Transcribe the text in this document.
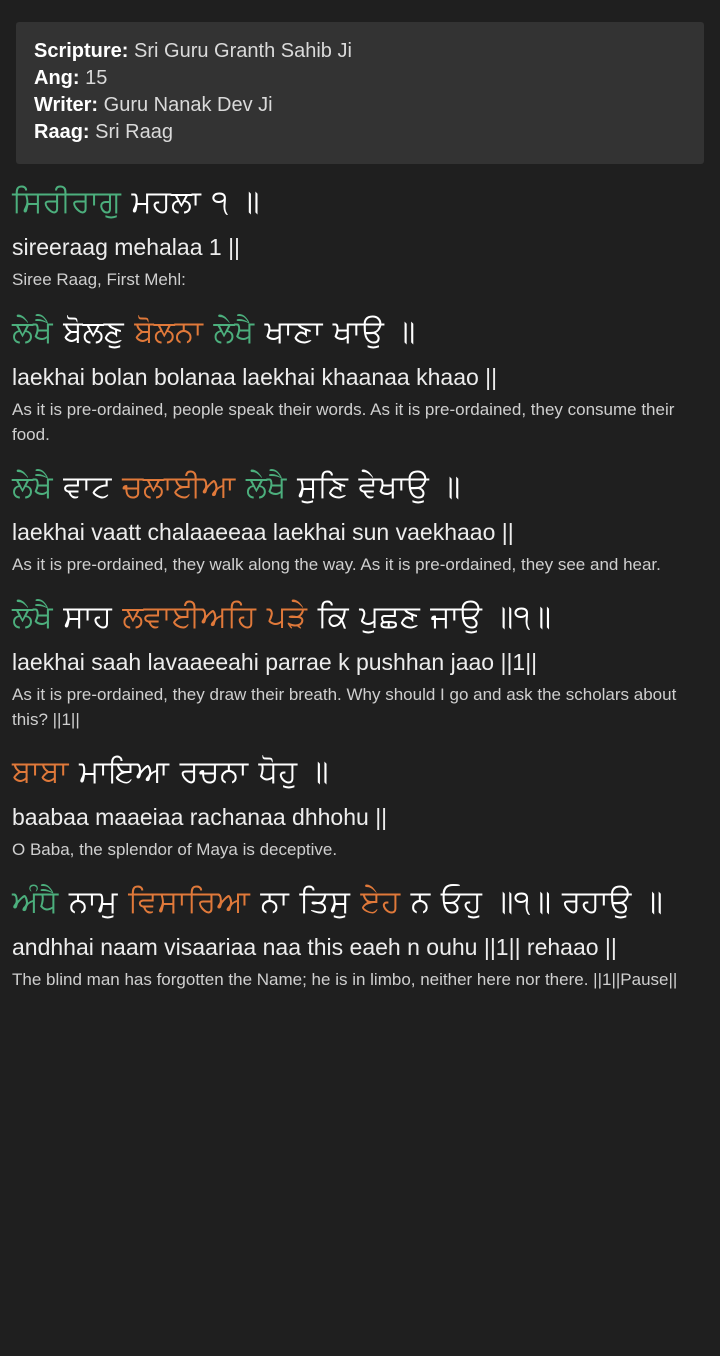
Scripture: Sri Guru Granth Sahib Ji
Ang: 15
Writer: Guru Nanak Dev Ji
Raag: Sri Raag
ਸਿਰੀਰਾਗੁ ਮਹਲਾ ੧ ॥
sireeraag mehalaa 1 ||
Siree Raag, First Mehl:
ਲੇਖੈ ਬੋਲਣੁ ਬੋਲਨਾ ਲੇਖੈ ਖਾਣਾ ਖਾਉ ॥
laekhai bolan bolanaa laekhai khaanaa khaao ||
As it is pre-ordained, people speak their words. As it is pre-ordained, they consume their food.
ਲੇਖੈ ਵਾਟ ਚਲਾਈਆ ਲੇਖੈ ਸੁਣਿ ਵੇਖਾਉ ॥
laekhai vaatt chalaaeeaa laekhai sun vaekhaao ||
As it is pre-ordained, they walk along the way. As it is pre-ordained, they see and hear.
ਲੇਖੈ ਸਾਹ ਲਵਾਈਅਹਿ ਪੜੇ ਕਿ ਪੁਛਣ ਜਾਉ ॥੧॥
laekhai saah lavaaeeahi parrae k pushhan jaao ||1||
As it is pre-ordained, they draw their breath. Why should I go and ask the scholars about this? ||1||
ਬਾਬਾ ਮਾਇਆ ਰਚਨਾ ਧੋਹੁ ॥
baabaa maaeiaa rachanaa dhhohu ||
O Baba, the splendor of Maya is deceptive.
ਅੰਧੈ ਨਾਮੁ ਵਿਸਾਰਿਆ ਨਾ ਤਿਸੁ ਏਹ ਨ ਓਹੁ ॥੧॥ ਰਹਾਉ ॥
andhhai naam visaariaa naa this eaeh n ouhu ||1|| rehaao ||
The blind man has forgotten the Name; he is in limbo, neither here nor there. ||1||Pause||
